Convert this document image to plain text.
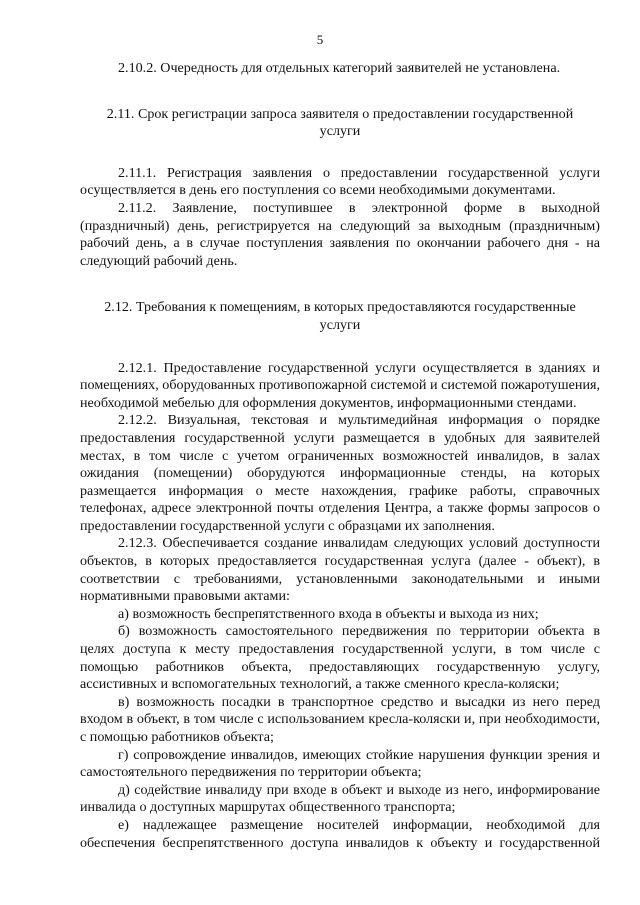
5

2.10.2. Очередность для отдельных категорий заявителей не установлена.

2.11. Срок регистрации запроса заявителя о предоставлении государственной услуги

2.11.1. Регистрация заявления о предоставлении государственной услуги осуществляется в день его поступления со всеми необходимыми документами.

2.11.2. Заявление, поступившее в электронной форме в выходной (праздничный) день, регистрируется на следующий за выходным (праздничным) рабочий день, а в случае поступления заявления по окончании рабочего дня - на следующий рабочий день.

2.12. Требования к помещениям, в которых предоставляются государственные услуги

2.12.1. Предоставление государственной услуги осуществляется в зданиях и помещениях, оборудованных противопожарной системой и системой пожаротушения, необходимой мебелью для оформления документов, информационными стендами.

2.12.2. Визуальная, текстовая и мультимедийная информация о порядке предоставления государственной услуги размещается в удобных для заявителей местах, в том числе с учетом ограниченных возможностей инвалидов, в залах ожидания (помещении) оборудуются информационные стенды, на которых размещается информация о месте нахождения, графике работы, справочных телефонах, адресе электронной почты отделения Центра, а также формы запросов о предоставлении государственной услуги с образцами их заполнения.

2.12.3. Обеспечивается создание инвалидам следующих условий доступности объектов, в которых предоставляется государственная услуга (далее - объект), в соответствии с требованиями, установленными законодательными и иными нормативными правовыми актами:

а) возможность беспрепятственного входа в объекты и выхода из них;

б) возможность самостоятельного передвижения по территории объекта в целях доступа к месту предоставления государственной услуги, в том числе с помощью работников объекта, предоставляющих государственную услугу, ассистивных и вспомогательных технологий, а также сменного кресла-коляски;

в) возможность посадки в транспортное средство и высадки из него перед входом в объект, в том числе с использованием кресла-коляски и, при необходимости, с помощью работников объекта;

г) сопровождение инвалидов, имеющих стойкие нарушения функции зрения и самостоятельного передвижения по территории объекта;

д) содействие инвалиду при входе в объект и выходе из него, информирование инвалида о доступных маршрутах общественного транспорта;

е) надлежащее размещение носителей информации, необходимой для обеспечения беспрепятственного доступа инвалидов к объекту и государственной
